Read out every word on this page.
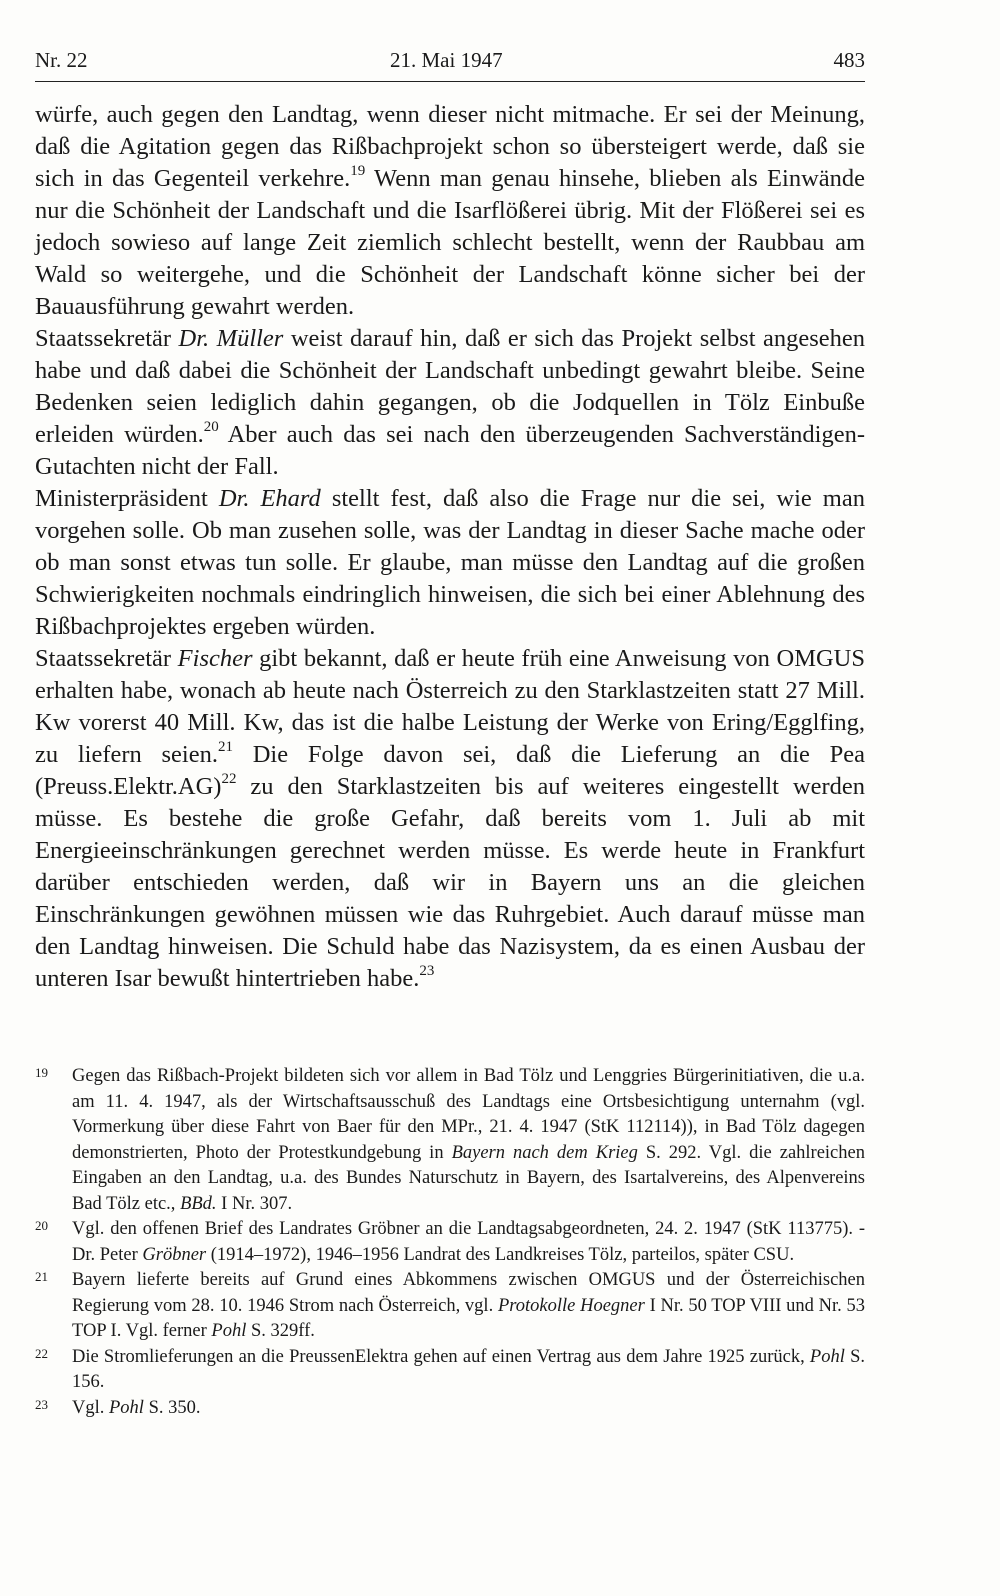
Nr. 22	21. Mai 1947	483

würfe, auch gegen den Landtag, wenn dieser nicht mitmache. Er sei der Meinung, daß die Agitation gegen das Rißbachprojekt schon so übersteigert werde, daß sie sich in das Gegenteil verkehre.$^{19}$ Wenn man genau hinsehe, blieben als Einwände nur die Schönheit der Landschaft und die Isarflößerei übrig. Mit der Flößerei sei es jedoch sowieso auf lange Zeit ziemlich schlecht bestellt, wenn der Raubbau am Wald so weitergehe, und die Schönheit der Landschaft könne sicher bei der Bauausführung gewahrt werden.

Staatssekretär Dr. Müller weist darauf hin, daß er sich das Projekt selbst angesehen habe und daß dabei die Schönheit der Landschaft unbedingt gewahrt bleibe. Seine Bedenken seien lediglich dahin gegangen, ob die Jodquellen in Tölz Einbuße erleiden würden.$^{20}$ Aber auch das sei nach den überzeugenden Sachverständigen-Gutachten nicht der Fall.

Ministerpräsident Dr. Ehard stellt fest, daß also die Frage nur die sei, wie man vorgehen solle. Ob man zusehen solle, was der Landtag in dieser Sache mache oder ob man sonst etwas tun solle. Er glaube, man müsse den Landtag auf die großen Schwierigkeiten nochmals eindringlich hinweisen, die sich bei einer Ablehnung des Rißbachprojektes ergeben würden.

Staatssekretär Fischer gibt bekannt, daß er heute früh eine Anweisung von OMGUS erhalten habe, wonach ab heute nach Österreich zu den Starklastzeiten statt 27 Mill. Kw vorerst 40 Mill. Kw, das ist die halbe Leistung der Werke von Ering/Egglfing, zu liefern seien.$^{21}$ Die Folge davon sei, daß die Lieferung an die Pea (Preuss.Elektr.AG)$^{22}$ zu den Starklastzeiten bis auf weiteres eingestellt werden müsse. Es bestehe die große Gefahr, daß bereits vom 1. Juli ab mit Energieeinschränkungen gerechnet werden müsse. Es werde heute in Frankfurt darüber entschieden werden, daß wir in Bayern uns an die gleichen Einschränkungen gewöhnen müssen wie das Ruhrgebiet. Auch darauf müsse man den Landtag hinweisen. Die Schuld habe das Nazisystem, da es einen Ausbau der unteren Isar bewußt hintertrieben habe.$^{23}$

19 Gegen das Rißbach-Projekt bildeten sich vor allem in Bad Tölz und Lenggries Bürgerinitiativen, die u.a. am 11. 4. 1947, als der Wirtschaftsausschuß des Landtags eine Ortsbesichtigung unternahm (vgl. Vormerkung über diese Fahrt von Baer für den MPr., 21. 4. 1947 (StK 112114)), in Bad Tölz dagegen demonstrierten, Photo der Protestkundgebung in Bayern nach dem Krieg S. 292. Vgl. die zahlreichen Eingaben an den Landtag, u.a. des Bundes Naturschutz in Bayern, des Isartalvereins, des Alpenvereins Bad Tölz etc., BBd. I Nr. 307.
20 Vgl. den offenen Brief des Landrates Gröbner an die Landtagsabgeordneten, 24. 2. 1947 (StK 113775). - Dr. Peter Gröbner (1914–1972), 1946–1956 Landrat des Landkreises Tölz, parteilos, später CSU.
21 Bayern lieferte bereits auf Grund eines Abkommens zwischen OMGUS und der Österreichischen Regierung vom 28. 10. 1946 Strom nach Österreich, vgl. Protokolle Hoegner I Nr. 50 TOP VIII und Nr. 53 TOP I. Vgl. ferner Pohl S. 329ff.
22 Die Stromlieferungen an die PreussenElektra gehen auf einen Vertrag aus dem Jahre 1925 zurück, Pohl S. 156.
23 Vgl. Pohl S. 350.
